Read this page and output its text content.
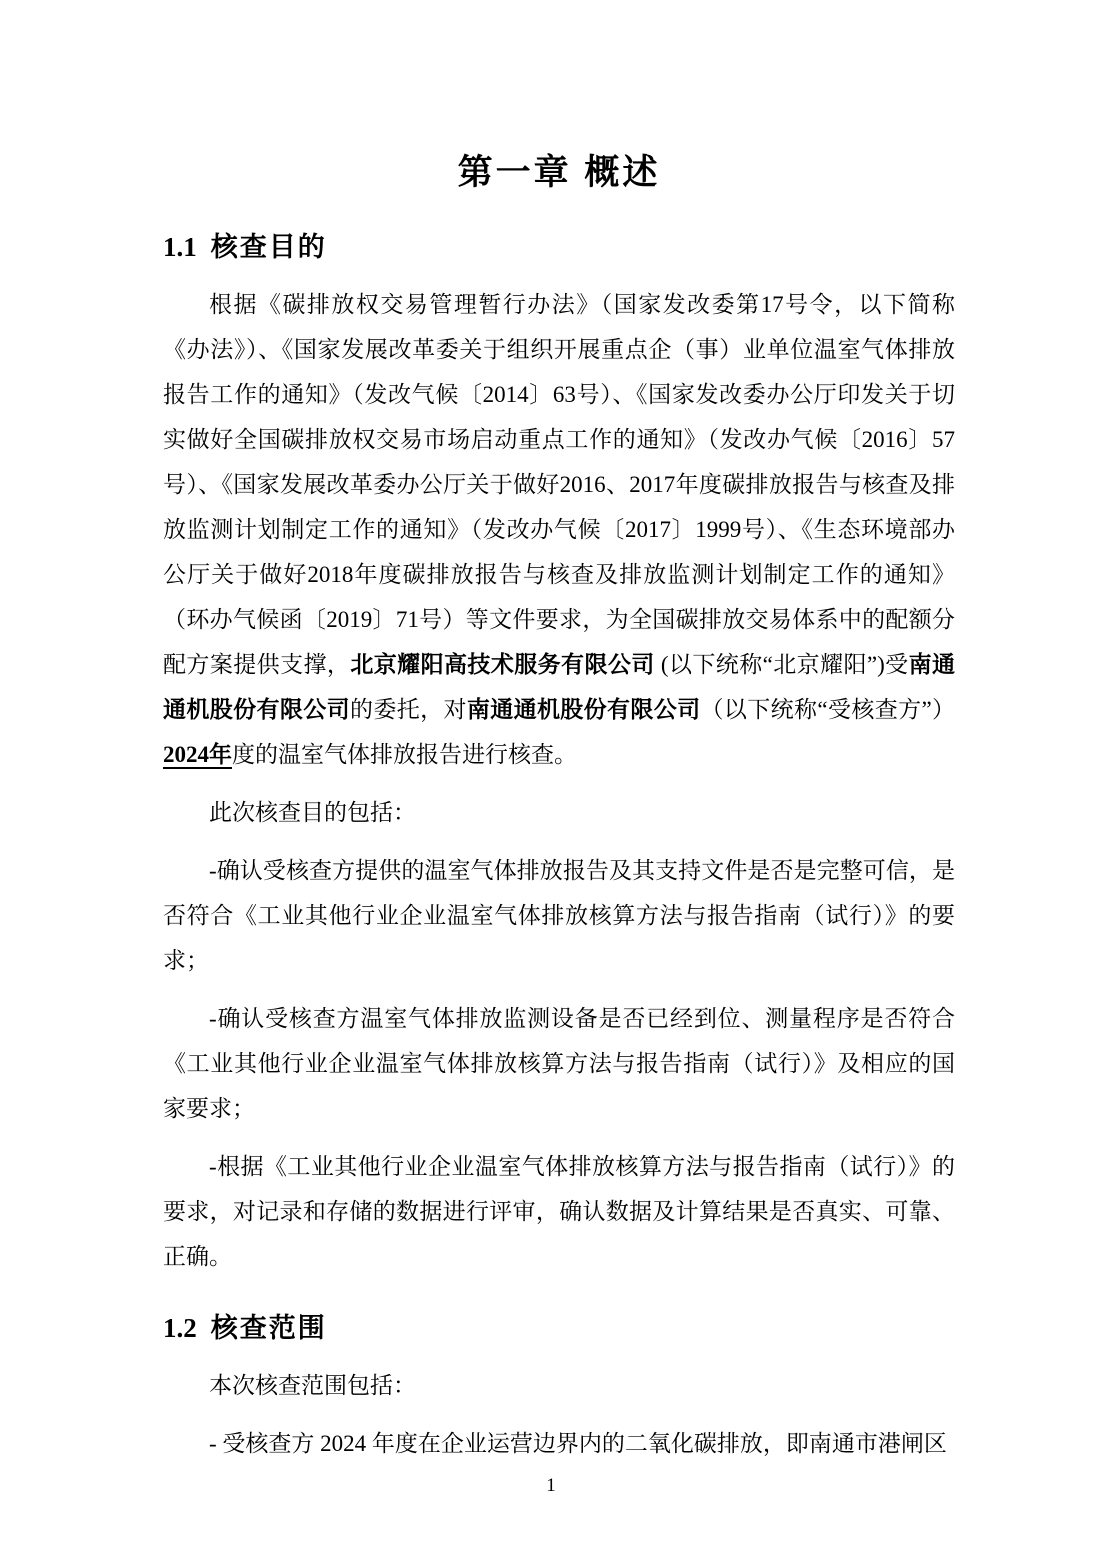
第一章 概述
1.1 核查目的

根据《碳排放权交易管理暂行办法》（国家发改委第17号令，以下简称《办法》）、《国家发展改革委关于组织开展重点企（事）业单位温室气体排放报告工作的通知》（发改气候〔2014〕63号）、《国家发改委办公厅印发关于切实做好全国碳排放权交易市场启动重点工作的通知》（发改办气候〔2016〕57号）、《国家发展改革委办公厅关于做好2016、2017年度碳排放报告与核查及排放监测计划制定工作的通知》（发改办气候〔2017〕1999号）、《生态环境部办公厅关于做好2018年度碳排放报告与核查及排放监测计划制定工作的通知》（环办气候函〔2019〕71号）等文件要求，为全国碳排放交易体系中的配额分配方案提供支撑，北京耀阳高技术服务有限公司 (以下统称“北京耀阳”)受南通通机股份有限公司的委托，对南通通机股份有限公司（以下统称“受核查方”）2024年度的温室气体排放报告进行核查。

此次核查目的包括：

-确认受核查方提供的温室气体排放报告及其支持文件是否是完整可信，是否符合《工业其他行业企业温室气体排放核算方法与报告指南（试行）》的要求；

-确认受核查方温室气体排放监测设备是否已经到位、测量程序是否符合《工业其他行业企业温室气体排放核算方法与报告指南（试行）》及相应的国家要求；

-根据《工业其他行业企业温室气体排放核算方法与报告指南（试行）》的要求，对记录和存储的数据进行评审，确认数据及计算结果是否真实、可靠、正确。

1.2 核查范围

本次核查范围包括：

- 受核查方 2024 年度在企业运营边界内的二氧化碳排放，即南通市港闸区

1
